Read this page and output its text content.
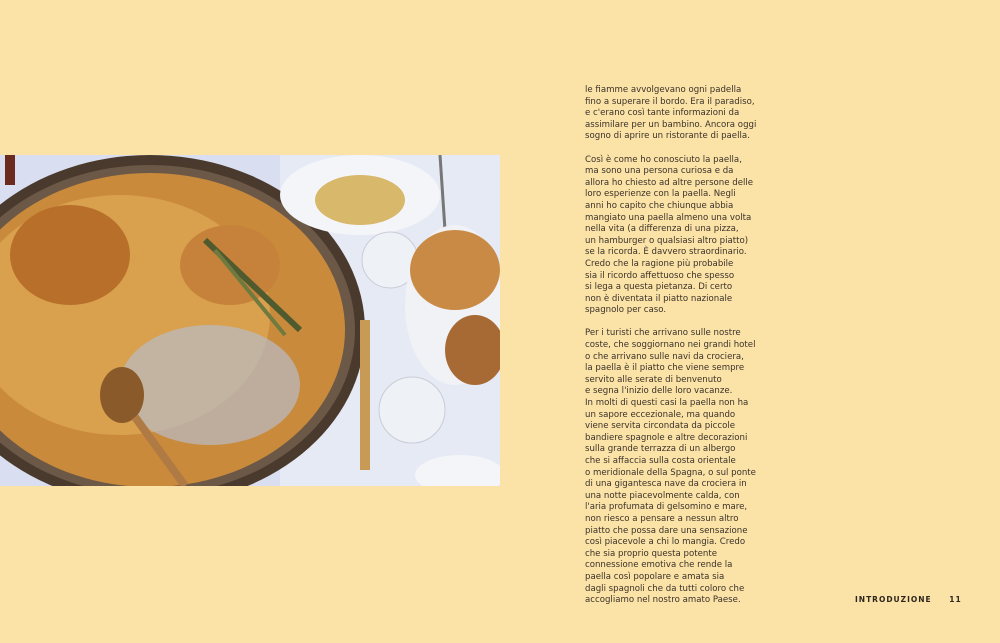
le fiamme avvolgevano ogni padella
fino a superare il bordo. Era il paradiso,
e c'erano così tante informazioni da
assimilare per un bambino. Ancora oggi
sogno di aprire un ristorante di paella.

Così è come ho conosciuto la paella,
ma sono una persona curiosa e da
allora ho chiesto ad altre persone delle
loro esperienze con la paella. Negli
anni ho capito che chiunque abbia
mangiato una paella almeno una volta
nella vita (a differenza di una pizza,
un hamburger o qualsiasi altro piatto)
se la ricorda. È davvero straordinario.
Credo che la ragione più probabile
sia il ricordo affettuoso che spesso
si lega a questa pietanza. Di certo
non è diventata il piatto nazionale
spagnolo per caso.

Per i turisti che arrivano sulle nostre
coste, che soggiornano nei grandi hotel
o che arrivano sulle navi da crociera,
la paella è il piatto che viene sempre
servito alle serate di benvenuto
e segna l'inizio delle loro vacanze.
In molti di questi casi la paella non ha
un sapore eccezionale, ma quando
viene servita circondata da piccole
bandiere spagnole e altre decorazioni
sulla grande terrazza di un albergo
che si affaccia sulla costa orientale
o meridionale della Spagna, o sul ponte
di una gigantesca nave da crociera in
una notte piacevolmente calda, con
l'aria profumata di gelsomino e mare,
non riesco a pensare a nessun altro
piatto che possa dare una sensazione
così piacevole a chi lo mangia. Credo
che sia proprio questa potente
connessione emotiva che rende la
paella così popolare e amata sia
dagli spagnoli che da tutti coloro che
accogliamo nel nostro amato Paese.	INTRODUZIONE 11
